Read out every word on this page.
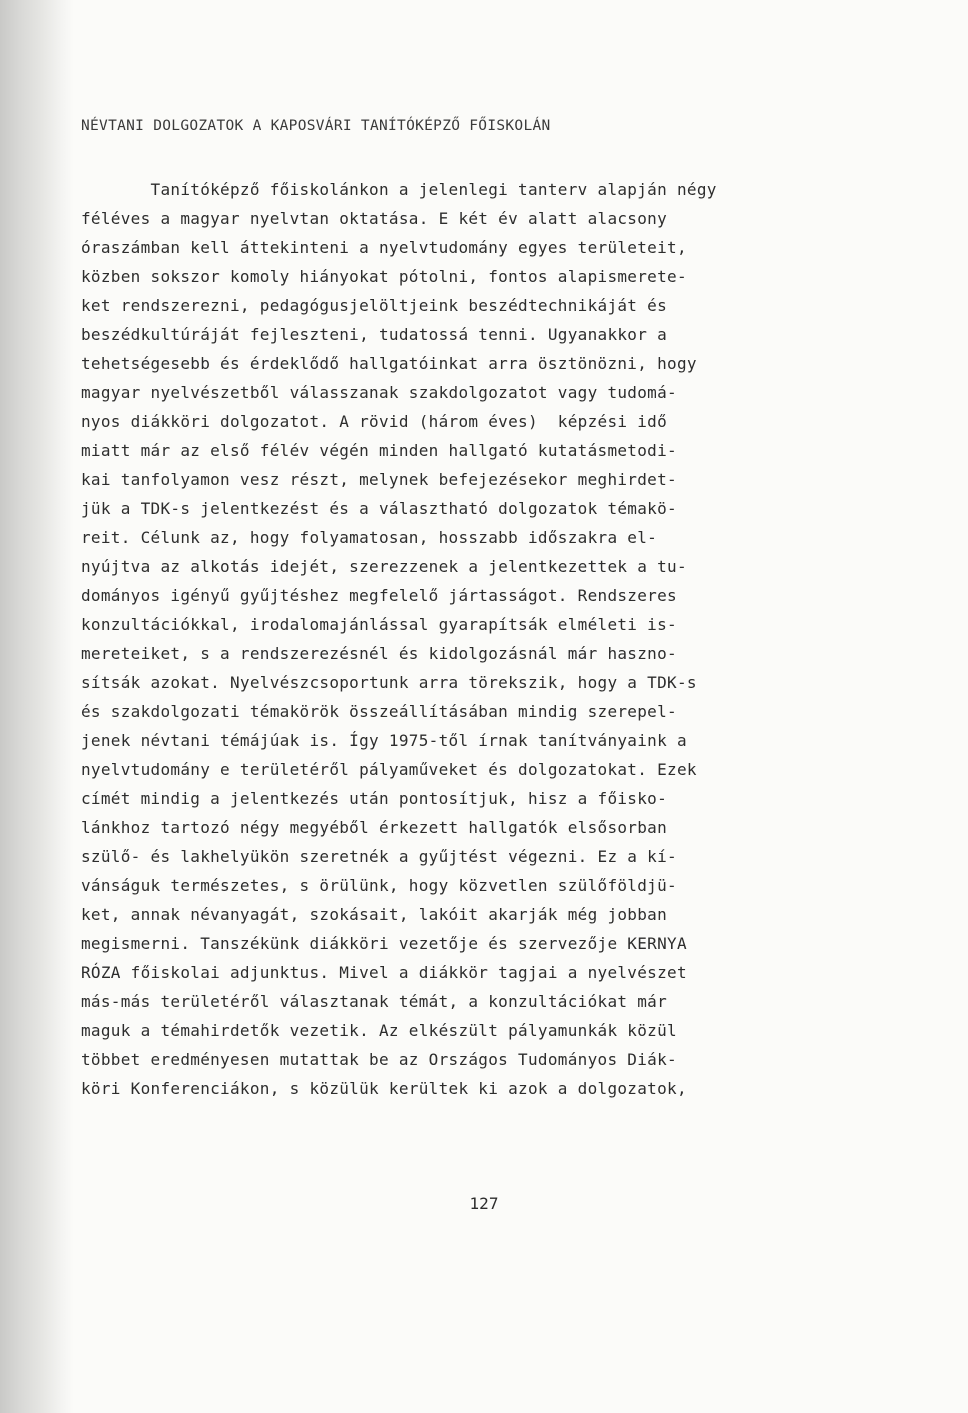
NÉVTANI DOLGOZATOK A KAPOSVÁRI TANÍTÓKÉPZŐ FŐISKOLÁN
Tanítóképző főiskolánkon a jelenlegi tanterv alapján négy
féléves a magyar nyelvtan oktatása. E két év alatt alacsony
óraszámban kell áttekinteni a nyelvtudomány egyes területeit,
közben sokszor komoly hiányokat pótolni, fontos alapismerete-
ket rendszerezni, pedagógusjelöltjeink beszédtechnikáját és
beszédkultúráját fejleszteni, tudatossá tenni. Ugyanakkor a
tehetségesebb és érdeklődő hallgatóinkat arra ösztönözni, hogy
magyar nyelvészetből válasszanak szakdolgozatot vagy tudomá-
nyos diákköri dolgozatot. A rövid (három éves)  képzési idő
miatt már az első félév végén minden hallgató kutatásmetodi-
kai tanfolyamon vesz részt, melynek befejezésekor meghirdet-
jük a TDK-s jelentkezést és a választható dolgozatok témakö-
reit. Célunk az, hogy folyamatosan, hosszabb időszakra el-
nyújtva az alkotás idejét, szerezzenek a jelentkezettek a tu-
dományos igényű gyűjtéshez megfelelő jártasságot. Rendszeres
konzultációkkal, irodalomajánlással gyarapítsák elméleti is-
mereteiket, s a rendszerezésnél és kidolgozásnál már haszno-
sítsák azokat. Nyelvészcsoportunk arra törekszik, hogy a TDK-s
és szakdolgozati témakörök összeállításában mindig szerepel-
jenek névtani témájúak is. Így 1975-től írnak tanítványaink a
nyelvtudomány e területéről pályaműveket és dolgozatokat. Ezek
címét mindig a jelentkezés után pontosítjuk, hisz a főisko-
lánkhoz tartozó négy megyéből érkezett hallgatók elsősorban
szülő- és lakhelyükön szeretnék a gyűjtést végezni. Ez a kí-
vánságuk természetes, s örülünk, hogy közvetlen szülőföldjü-
ket, annak névanyagát, szokásait, lakóit akarják még jobban
megismerni. Tanszékünk diákköri vezetője és szervezője KERNYA
RÓZA főiskolai adjunktus. Mivel a diákkör tagjai a nyelvészet
más-más területéről választanak témát, a konzultációkat már
maguk a témahirdetők vezetik. Az elkészült pályamunkák közül
többet eredményesen mutattak be az Országos Tudományos Diák-
köri Konferenciákon, s közülük kerültek ki azok a dolgozatok,
127
